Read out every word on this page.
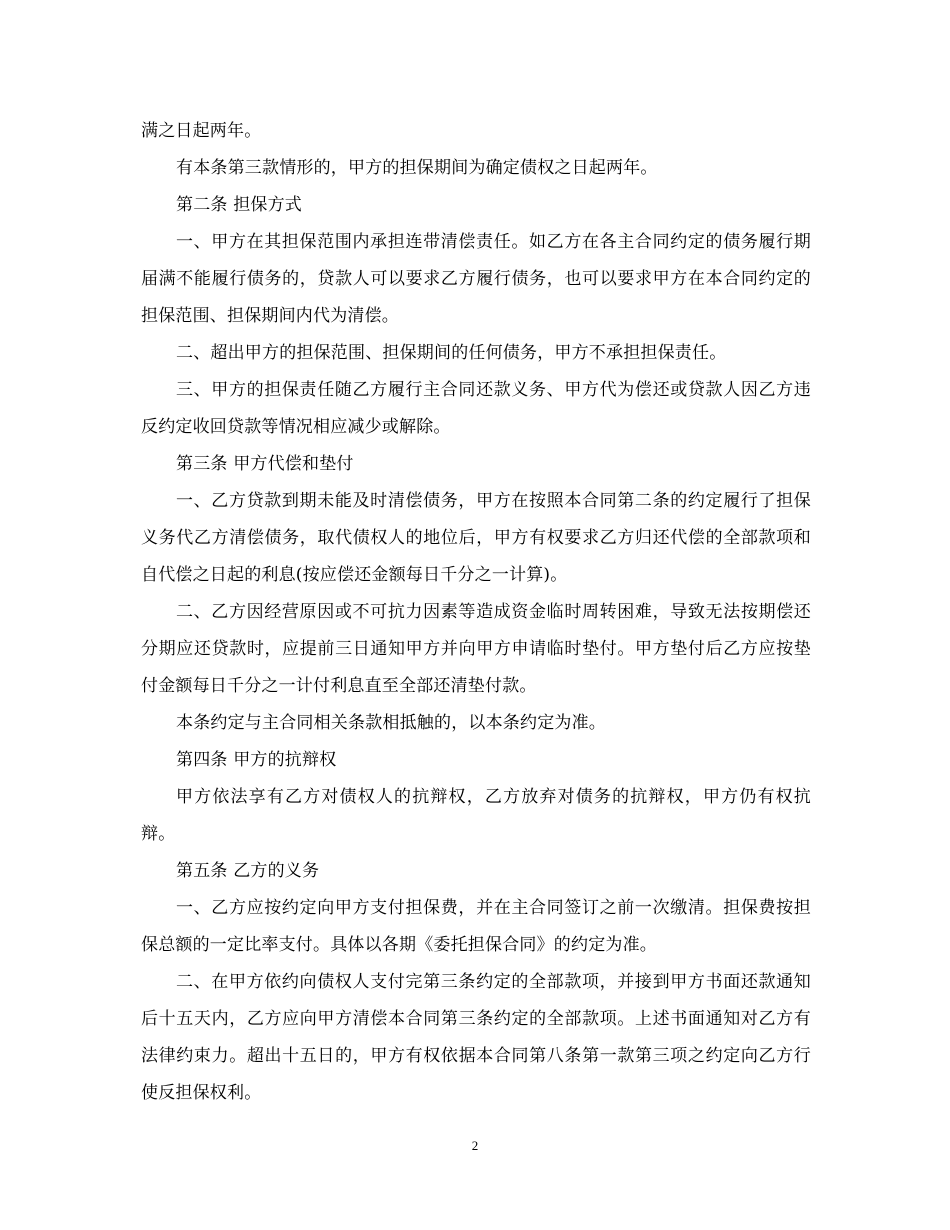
满之日起两年。

有本条第三款情形的，甲方的担保期间为确定债权之日起两年。

第二条 担保方式

一、甲方在其担保范围内承担连带清偿责任。如乙方在各主合同约定的债务履行期届满不能履行债务的，贷款人可以要求乙方履行债务，也可以要求甲方在本合同约定的担保范围、担保期间内代为清偿。

二、超出甲方的担保范围、担保期间的任何债务，甲方不承担担保责任。

三、甲方的担保责任随乙方履行主合同还款义务、甲方代为偿还或贷款人因乙方违反约定收回贷款等情况相应减少或解除。

第三条 甲方代偿和垫付

一、乙方贷款到期未能及时清偿债务，甲方在按照本合同第二条的约定履行了担保义务代乙方清偿债务，取代债权人的地位后，甲方有权要求乙方归还代偿的全部款项和自代偿之日起的利息(按应偿还金额每日千分之一计算)。

二、乙方因经营原因或不可抗力因素等造成资金临时周转困难，导致无法按期偿还分期应还贷款时，应提前三日通知甲方并向甲方申请临时垫付。甲方垫付后乙方应按垫付金额每日千分之一计付利息直至全部还清垫付款。

本条约定与主合同相关条款相抵触的，以本条约定为准。

第四条 甲方的抗辩权

甲方依法享有乙方对债权人的抗辩权，乙方放弃对债务的抗辩权，甲方仍有权抗辩。

第五条 乙方的义务

一、乙方应按约定向甲方支付担保费，并在主合同签订之前一次缴清。担保费按担保总额的一定比率支付。具体以各期《委托担保合同》的约定为准。

二、在甲方依约向债权人支付完第三条约定的全部款项，并接到甲方书面还款通知后十五天内，乙方应向甲方清偿本合同第三条约定的全部款项。上述书面通知对乙方有法律约束力。超出十五日的，甲方有权依据本合同第八条第一款第三项之约定向乙方行使反担保权利。

2
